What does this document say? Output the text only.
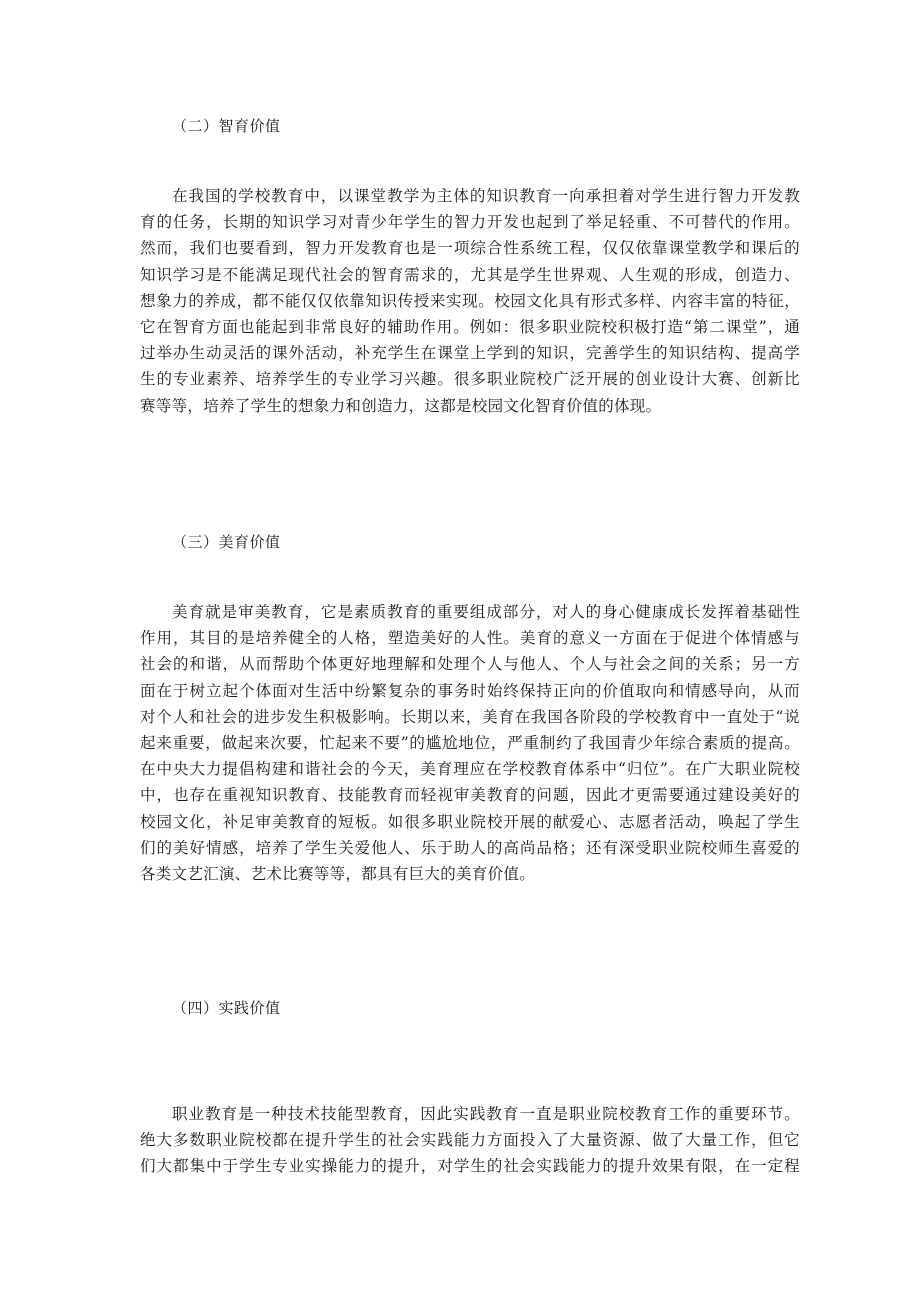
（二）智育价值
在我国的学校教育中，以课堂教学为主体的知识教育一向承担着对学生进行智力开发教
育的任务，长期的知识学习对青少年学生的智力开发也起到了举足轻重、不可替代的作用。
然而，我们也要看到，智力开发教育也是一项综合性系统工程，仅仅依靠课堂教学和课后的
知识学习是不能满足现代社会的智育需求的，尤其是学生世界观、人生观的形成，创造力、
想象力的养成，都不能仅仅依靠知识传授来实现。校园文化具有形式多样、内容丰富的特征，
它在智育方面也能起到非常良好的辅助作用。例如：很多职业院校积极打造“第二课堂”，通
过举办生动灵活的课外活动，补充学生在课堂上学到的知识，完善学生的知识结构、提高学
生的专业素养、培养学生的专业学习兴趣。很多职业院校广泛开展的创业设计大赛、创新比
赛等等，培养了学生的想象力和创造力，这都是校园文化智育价值的体现。
（三）美育价值
美育就是审美教育，它是素质教育的重要组成部分，对人的身心健康成长发挥着基础性
作用，其目的是培养健全的人格，塑造美好的人性。美育的意义一方面在于促进个体情感与
社会的和谐，从而帮助个体更好地理解和处理个人与他人、个人与社会之间的关系；另一方
面在于树立起个体面对生活中纷繁复杂的事务时始终保持正向的价值取向和情感导向，从而
对个人和社会的进步发生积极影响。长期以来，美育在我国各阶段的学校教育中一直处于“说
起来重要，做起来次要，忙起来不要”的尴尬地位，严重制约了我国青少年综合素质的提高。
在中央大力提倡构建和谐社会的今天，美育理应在学校教育体系中“归位”。在广大职业院校
中，也存在重视知识教育、技能教育而轻视审美教育的问题，因此才更需要通过建设美好的
校园文化，补足审美教育的短板。如很多职业院校开展的献爱心、志愿者活动，唤起了学生
们的美好情感，培养了学生关爱他人、乐于助人的高尚品格；还有深受职业院校师生喜爱的
各类文艺汇演、艺术比赛等等，都具有巨大的美育价值。
（四）实践价值
职业教育是一种技术技能型教育，因此实践教育一直是职业院校教育工作的重要环节。
绝大多数职业院校都在提升学生的社会实践能力方面投入了大量资源、做了大量工作，但它
们大都集中于学生专业实操能力的提升，对学生的社会实践能力的提升效果有限，在一定程
